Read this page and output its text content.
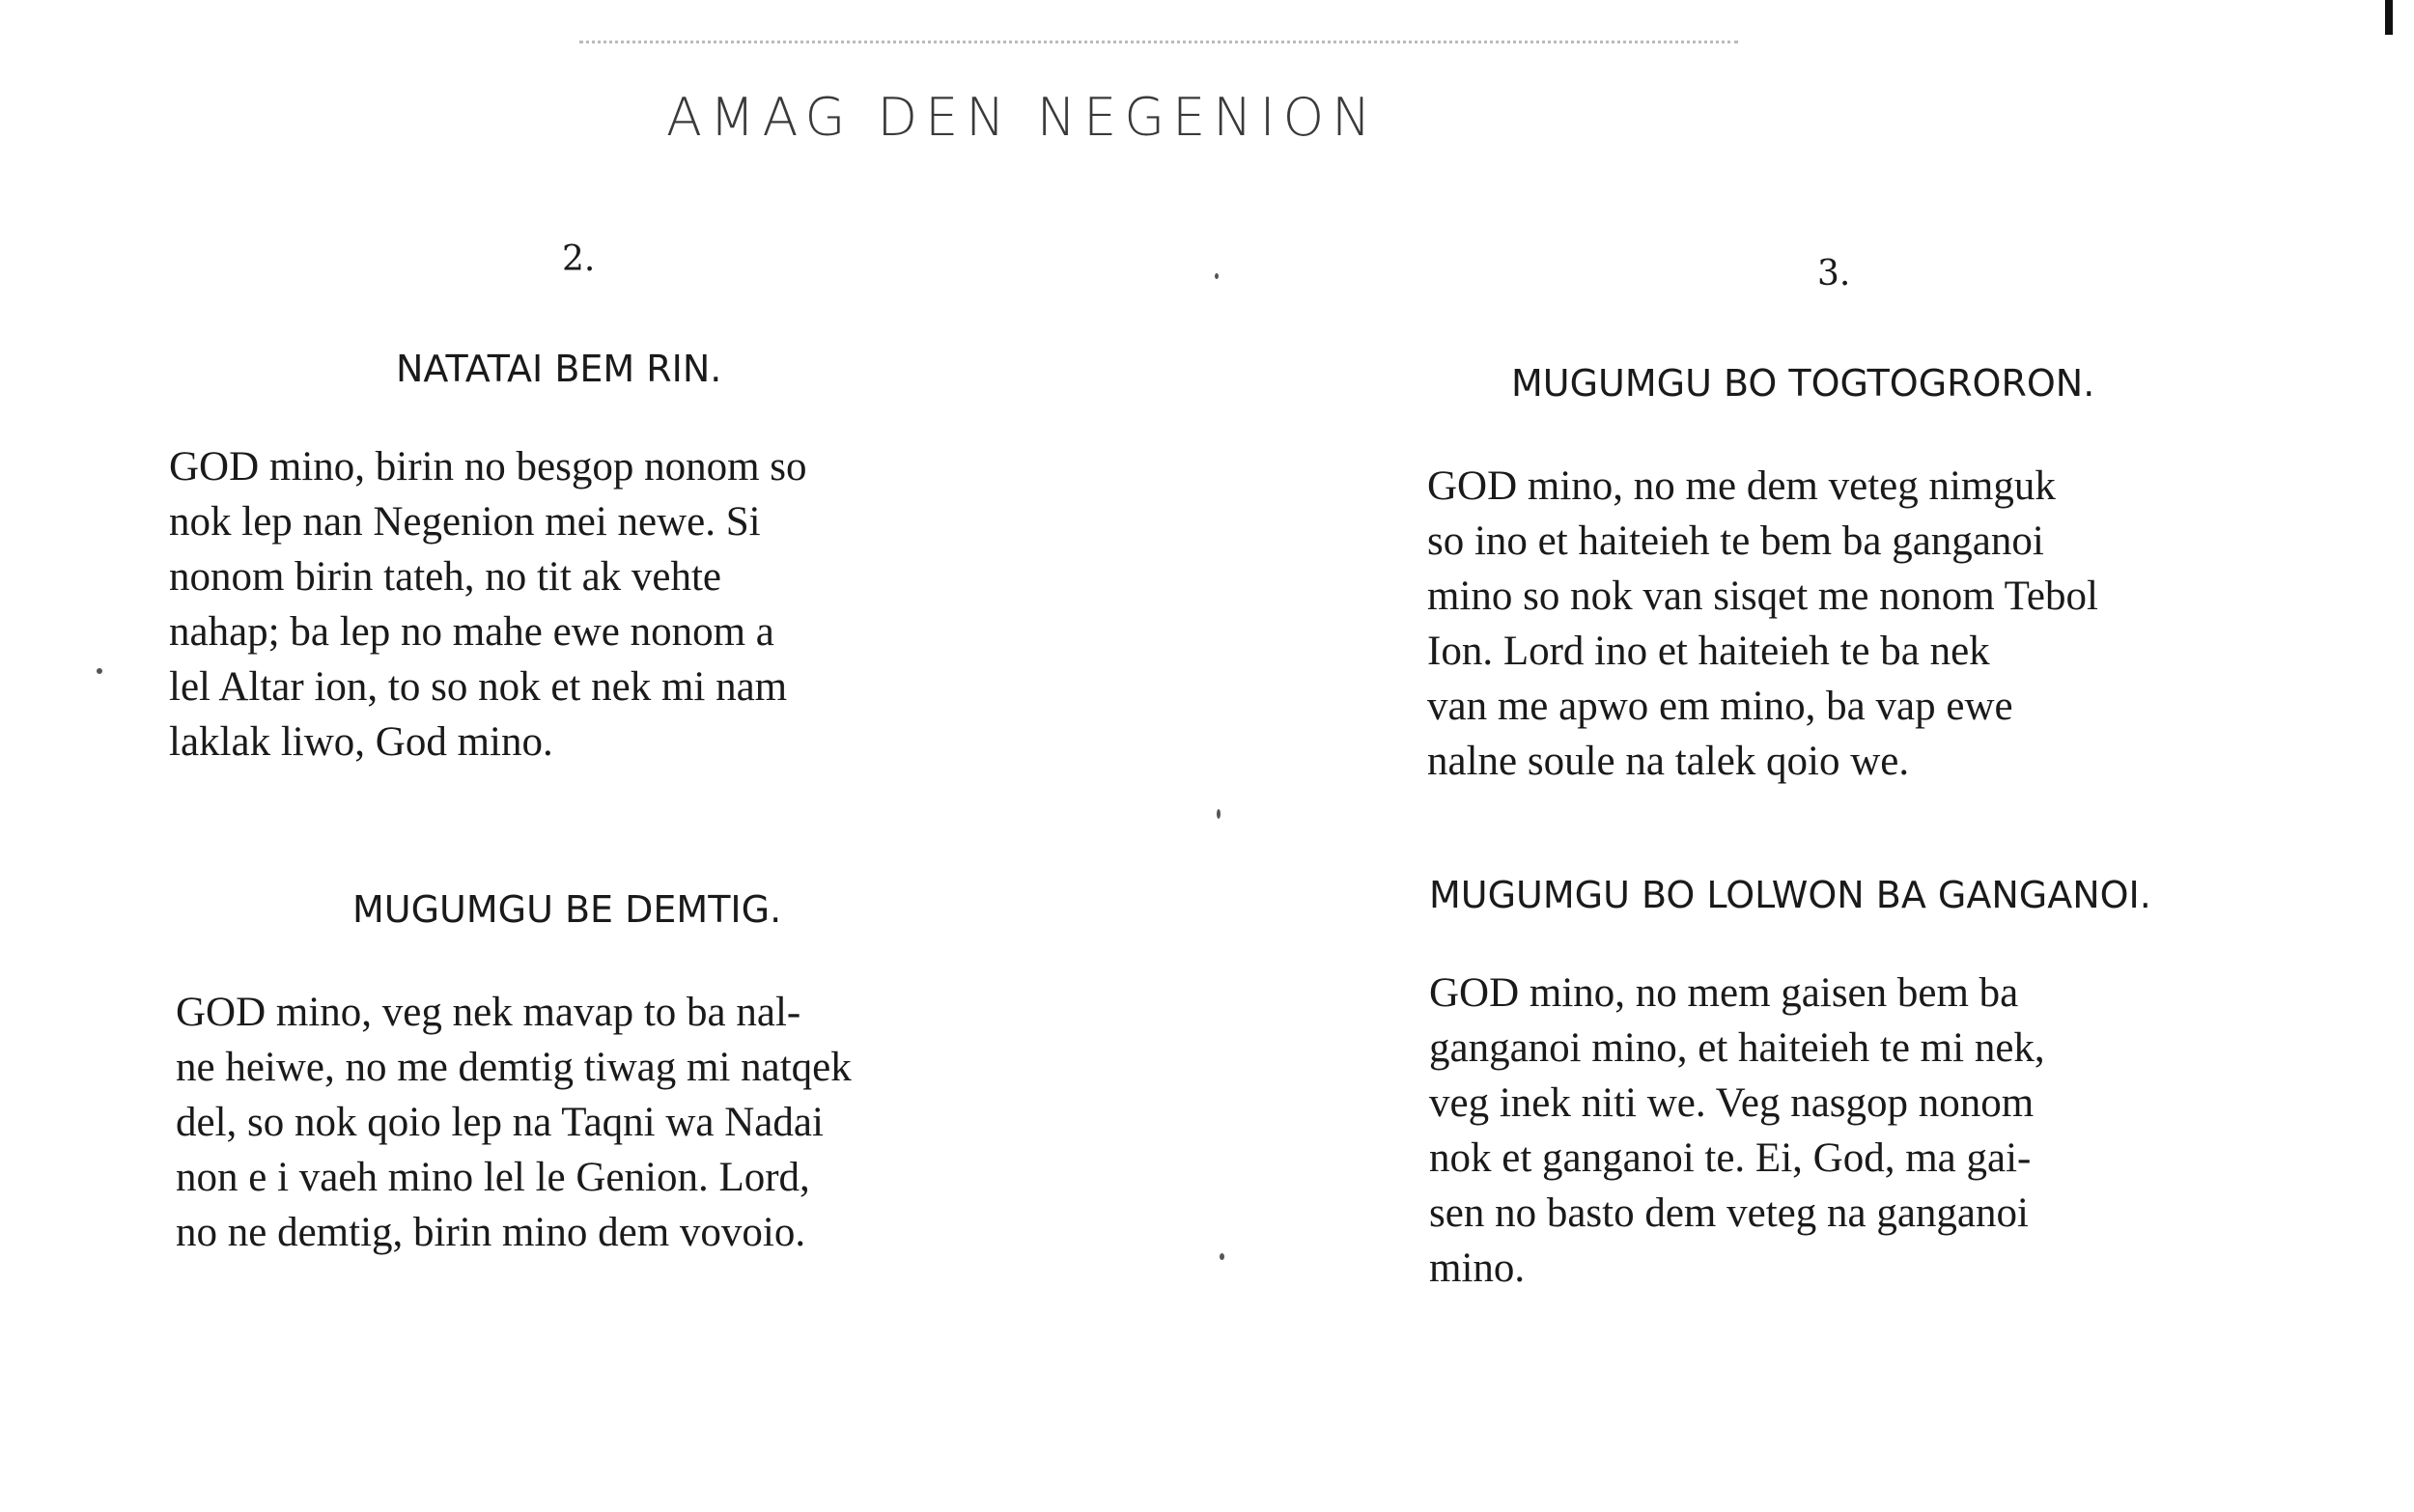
AMAG DEN NEGENION
2.
NATATAI BEM RIN.

GOD mino, birin no besgop nonom so
nok lep nan Negenion mei newe. Si
nonom birin tateh, no tit ak vehte
nahap; ba lep no mahe ewe nonom a
lel Altar ion, to so nok et nek mi nam
laklak liwo, God mino.

MUGUMGU BE DEMTIG.

GOD mino, veg nek mavap to ba nal-
ne heiwe, no me demtig tiwag mi natqek
del, so nok qoio lep na Taqni wa Nadai
non e i vaeh mino lel le Genion. Lord,
no ne demtig, birin mino dem vovoio.

3.
MUGUMGU BO TOGTOGRORON.

GOD mino, no me dem veteg nimguk
so ino et haiteieh te bem ba ganganoi
mino so nok van sisqet me nonom Tebol
Ion. Lord ino et haiteieh te ba nek
van me apwo em mino, ba vap ewe
nalne soule na talek qoio we.

MUGUMGU BO LOLWON BA GANGANOI.

GOD mino, no mem gaisen bem ba
ganganoi mino, et haiteieh te mi nek,
veg inek niti we. Veg nasgop nonom
nok et ganganoi te. Ei, God, ma gai-
sen no basto dem veteg na ganganoi
mino.
